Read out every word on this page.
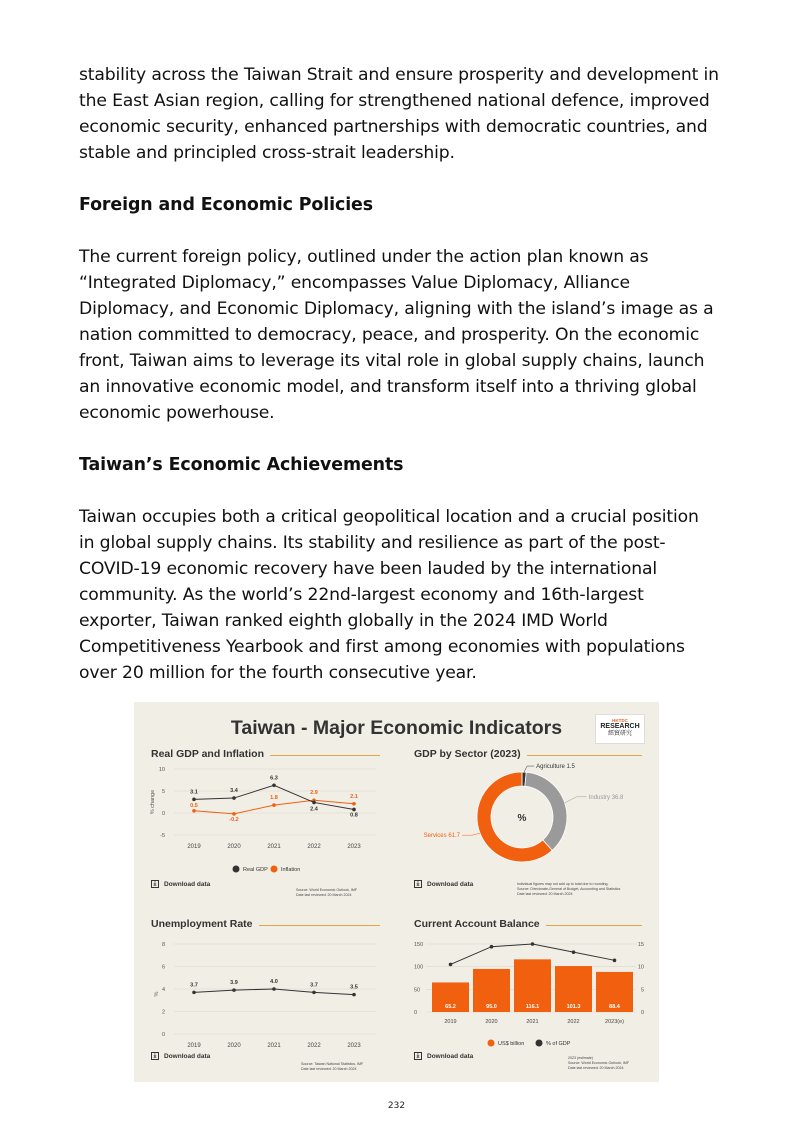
stability across the Taiwan Strait and ensure prosperity and development in the East Asian region, calling for strengthened national defence, improved economic security, enhanced partnerships with democratic countries, and stable and principled cross-strait leadership.
Foreign and Economic Policies
The current foreign policy, outlined under the action plan known as “Integrated Diplomacy,” encompasses Value Diplomacy, Alliance Diplomacy, and Economic Diplomacy, aligning with the island’s image as a nation committed to democracy, peace, and prosperity. On the economic front, Taiwan aims to leverage its vital role in global supply chains, launch an innovative economic model, and transform itself into a thriving global economic powerhouse.
Taiwan’s Economic Achievements
Taiwan occupies both a critical geopolitical location and a crucial position in global supply chains. Its stability and resilience as part of the post-COVID-19 economic recovery have been lauded by the international community. As the world’s 22nd-largest economy and 16th-largest exporter, Taiwan ranked eighth globally in the 2024 IMD World Competitiveness Yearbook and first among economies with populations over 20 million for the fourth consecutive year.
Taiwan - Major Economic Indicators	HKTDC
RESEARCH
經貿研究
Real GDP and Inflation
10
5
0
-5
% change
2019	2020	2021	2022	2023
3.1	3.4
6.3
2.4
0.8
0.5
-0.2
1.8
2.9
2.1
Real GDP Inflation
⤓	Download data
Source: World Economic Outlook, IMF
Date last reviewed: 20 March 2024
GDP by Sector (2023)
%
Agriculture 1.5
Industry 36.8
Services 61.7
⤓	Download data	Individual figures may not add up to total due to rounding.
Source: Directorate-General of Budget, Accounting and Statistics
Date last reviewed: 20 March 2024
Unemployment Rate
8
6
4
2
0
%
2019	2020	2021	2022	2023
3.7	3.9	4.0
3.7	3.5
⤓	Download data
Source: Taiwan National Statistics, IMF
Date last reviewed: 20 March 2024
Current Account Balance
150	15
100	10
50	5
0	0
65.2
2019
95.0
2020
116.1
2021
101.3
2022
88.4
2023(e)
US$ billion	% of GDP
⤓	Download data	2023 (estimate)
Source: World Economic Outlook, IMF
Date last reviewed: 20 March 2024
232
